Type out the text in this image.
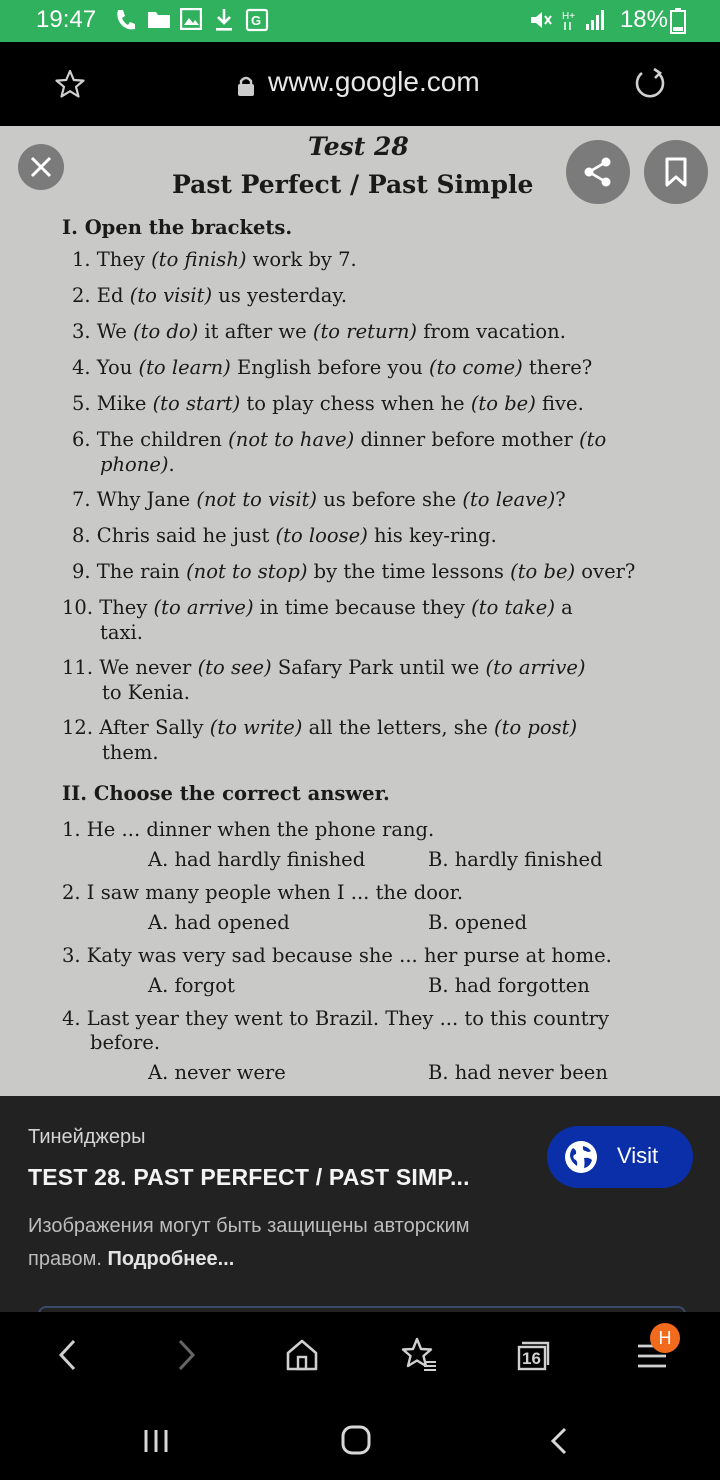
19:47	G	H+ 18%
www.google.com
Test 28
Past Perfect / Past Simple
I. Open the brackets.
1. They (to finish) work by 7.
2. Ed (to visit) us yesterday.
3. We (to do) it after we (to return) from vacation.
4. You (to learn) English before you (to come) there?
5. Mike (to start) to play chess when he (to be) five.
6. The children (not to have) dinner before mother (to
phone).
7. Why Jane (not to visit) us before she (to leave)?
8. Chris said he just (to loose) his key-ring.
9. The rain (not to stop) by the time lessons (to be) over?
10. They (to arrive) in time because they (to take) a
taxi.
11. We never (to see) Safary Park until we (to arrive)
to Kenia.
12. After Sally (to write) all the letters, she (to post)
them.
II. Choose the correct answer.
1. He ... dinner when the phone rang.
A. had hardly finished	B. hardly finished
2. I saw many people when I ... the door.
A. had opened	B. opened
3. Katy was very sad because she ... her purse at home.
A. forgot	B. had forgotten
4. Last year they went to Brazil. They ... to this country
before.
A. never were	B. had never been
Тинейджеры
TEST 28. PAST PERFECT / PAST SIMP...
Изображения могут быть защищены авторским правом. Подробнее...
Visit
16
H
